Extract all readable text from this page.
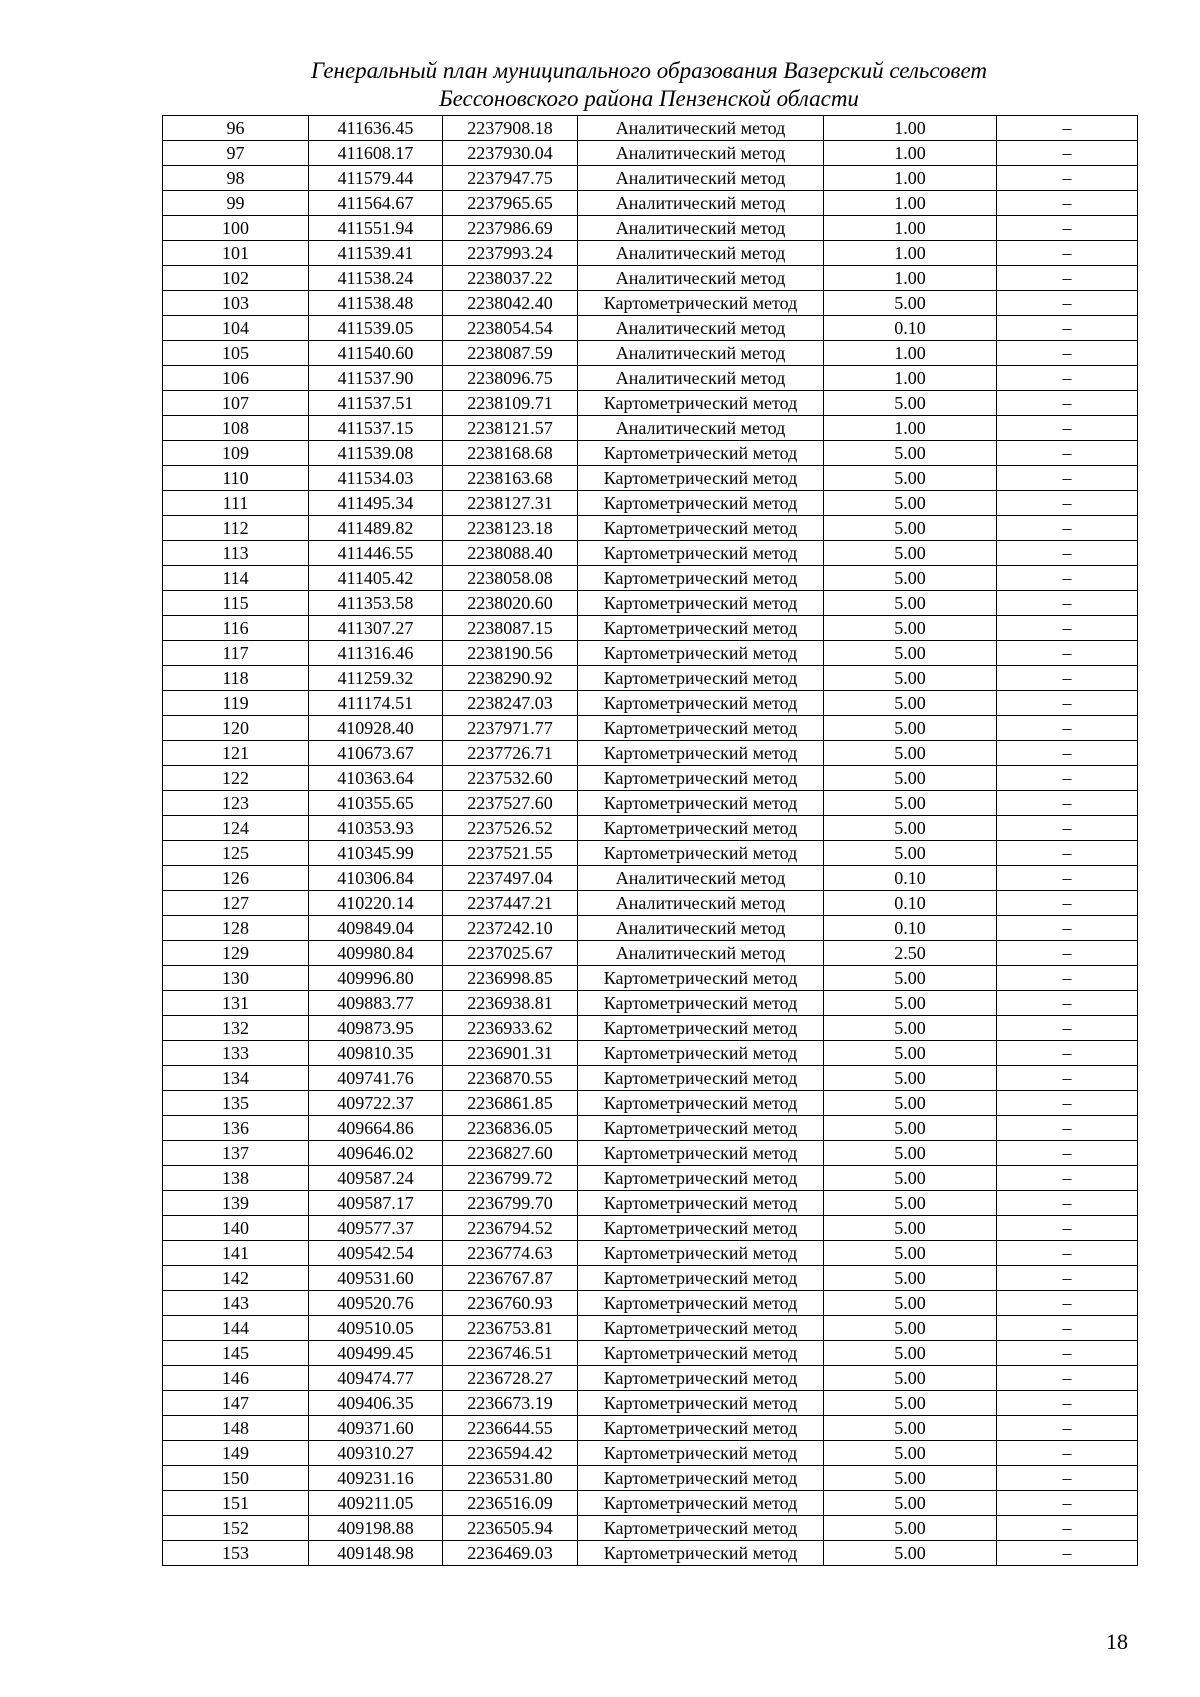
Генеральный план муниципального образования Вазерский сельсовет
Бессоновского района Пензенской области
96	411636.45	2237908.18	Аналитический метод	1.00	–
97	411608.17	2237930.04	Аналитический метод	1.00	–
98	411579.44	2237947.75	Аналитический метод	1.00	–
99	411564.67	2237965.65	Аналитический метод	1.00	–
100	411551.94	2237986.69	Аналитический метод	1.00	–
101	411539.41	2237993.24	Аналитический метод	1.00	–
102	411538.24	2238037.22	Аналитический метод	1.00	–
103	411538.48	2238042.40	Картометрический метод	5.00	–
104	411539.05	2238054.54	Аналитический метод	0.10	–
105	411540.60	2238087.59	Аналитический метод	1.00	–
106	411537.90	2238096.75	Аналитический метод	1.00	–
107	411537.51	2238109.71	Картометрический метод	5.00	–
108	411537.15	2238121.57	Аналитический метод	1.00	–
109	411539.08	2238168.68	Картометрический метод	5.00	–
110	411534.03	2238163.68	Картометрический метод	5.00	–
111	411495.34	2238127.31	Картометрический метод	5.00	–
112	411489.82	2238123.18	Картометрический метод	5.00	–
113	411446.55	2238088.40	Картометрический метод	5.00	–
114	411405.42	2238058.08	Картометрический метод	5.00	–
115	411353.58	2238020.60	Картометрический метод	5.00	–
116	411307.27	2238087.15	Картометрический метод	5.00	–
117	411316.46	2238190.56	Картометрический метод	5.00	–
118	411259.32	2238290.92	Картометрический метод	5.00	–
119	411174.51	2238247.03	Картометрический метод	5.00	–
120	410928.40	2237971.77	Картометрический метод	5.00	–
121	410673.67	2237726.71	Картометрический метод	5.00	–
122	410363.64	2237532.60	Картометрический метод	5.00	–
123	410355.65	2237527.60	Картометрический метод	5.00	–
124	410353.93	2237526.52	Картометрический метод	5.00	–
125	410345.99	2237521.55	Картометрический метод	5.00	–
126	410306.84	2237497.04	Аналитический метод	0.10	–
127	410220.14	2237447.21	Аналитический метод	0.10	–
128	409849.04	2237242.10	Аналитический метод	0.10	–
129	409980.84	2237025.67	Аналитический метод	2.50	–
130	409996.80	2236998.85	Картометрический метод	5.00	–
131	409883.77	2236938.81	Картометрический метод	5.00	–
132	409873.95	2236933.62	Картометрический метод	5.00	–
133	409810.35	2236901.31	Картометрический метод	5.00	–
134	409741.76	2236870.55	Картометрический метод	5.00	–
135	409722.37	2236861.85	Картометрический метод	5.00	–
136	409664.86	2236836.05	Картометрический метод	5.00	–
137	409646.02	2236827.60	Картометрический метод	5.00	–
138	409587.24	2236799.72	Картометрический метод	5.00	–
139	409587.17	2236799.70	Картометрический метод	5.00	–
140	409577.37	2236794.52	Картометрический метод	5.00	–
141	409542.54	2236774.63	Картометрический метод	5.00	–
142	409531.60	2236767.87	Картометрический метод	5.00	–
143	409520.76	2236760.93	Картометрический метод	5.00	–
144	409510.05	2236753.81	Картометрический метод	5.00	–
145	409499.45	2236746.51	Картометрический метод	5.00	–
146	409474.77	2236728.27	Картометрический метод	5.00	–
147	409406.35	2236673.19	Картометрический метод	5.00	–
148	409371.60	2236644.55	Картометрический метод	5.00	–
149	409310.27	2236594.42	Картометрический метод	5.00	–
150	409231.16	2236531.80	Картометрический метод	5.00	–
151	409211.05	2236516.09	Картометрический метод	5.00	–
152	409198.88	2236505.94	Картометрический метод	5.00	–
153	409148.98	2236469.03	Картометрический метод	5.00	–
18
